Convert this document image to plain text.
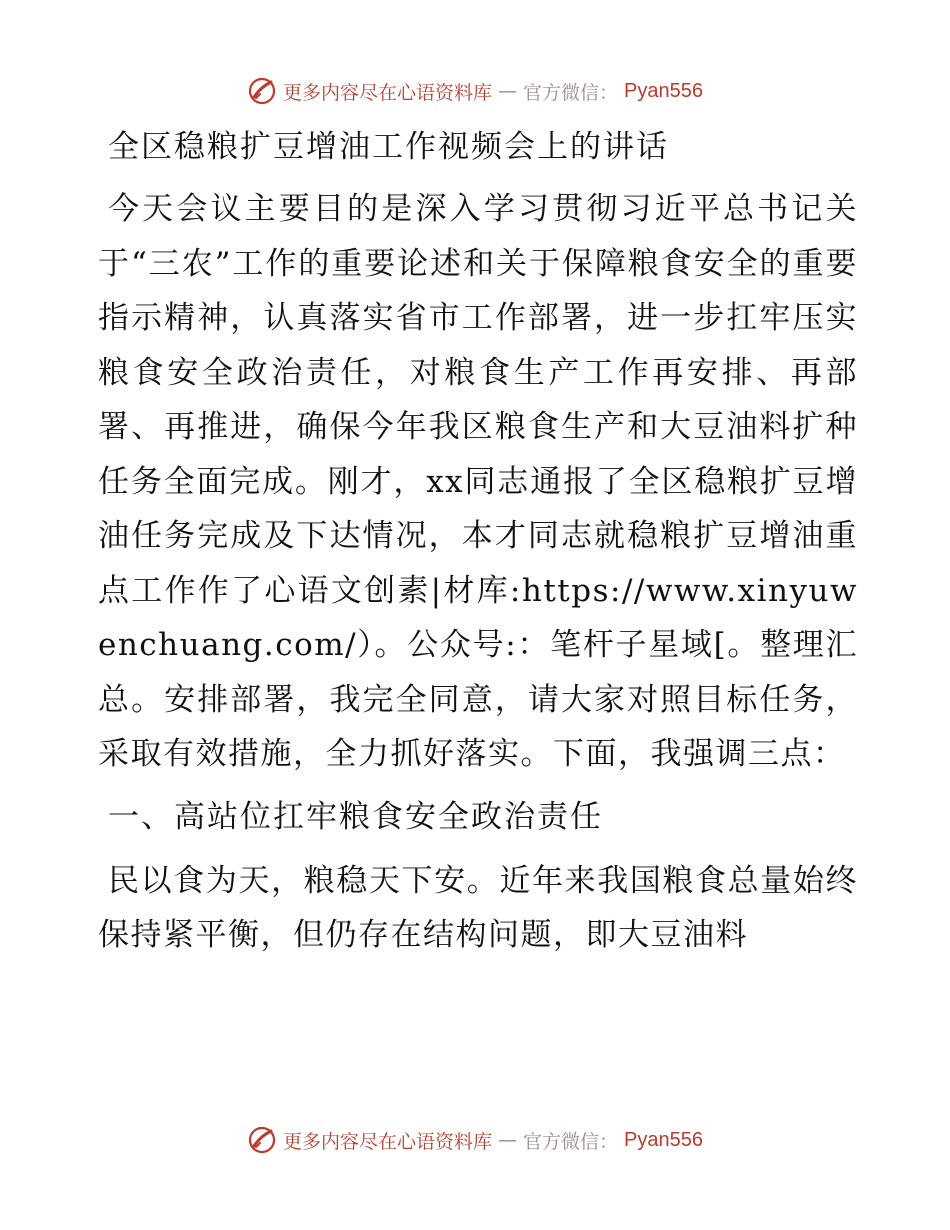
更多内容尽在心语资料库 — 官方微信： Pyan556
全区稳粮扩豆增油工作视频会上的讲话

今天会议主要目的是深入学习贯彻习近平总书记关于“三农”工作的重要论述和关于保障粮食安全的重要指示精神，认真落实省市工作部署，进一步扛牢压实粮食安全政治责任，对粮食生产工作再安排、再部署、再推进，确保今年我区粮食生产和大豆油料扩种任务全面完成。刚才，xx同志通报了全区稳粮扩豆增油任务完成及下达情况，本才同志就稳粮扩豆增油重点工作作了心语文创素|材库:https://www.xinyuwenchuang.com/）。公众号:：笔杆子星域[。整理汇总。安排部署，我完全同意，请大家对照目标任务，采取有效措施，全力抓好落实。下面，我强调三点：

一、高站位扛牢粮食安全政治责任

民以食为天，粮稳天下安。近年来我国粮食总量始终保持紧平衡，但仍存在结构问题，即大豆油料

更多内容尽在心语资料库 — 官方微信： Pyan556
